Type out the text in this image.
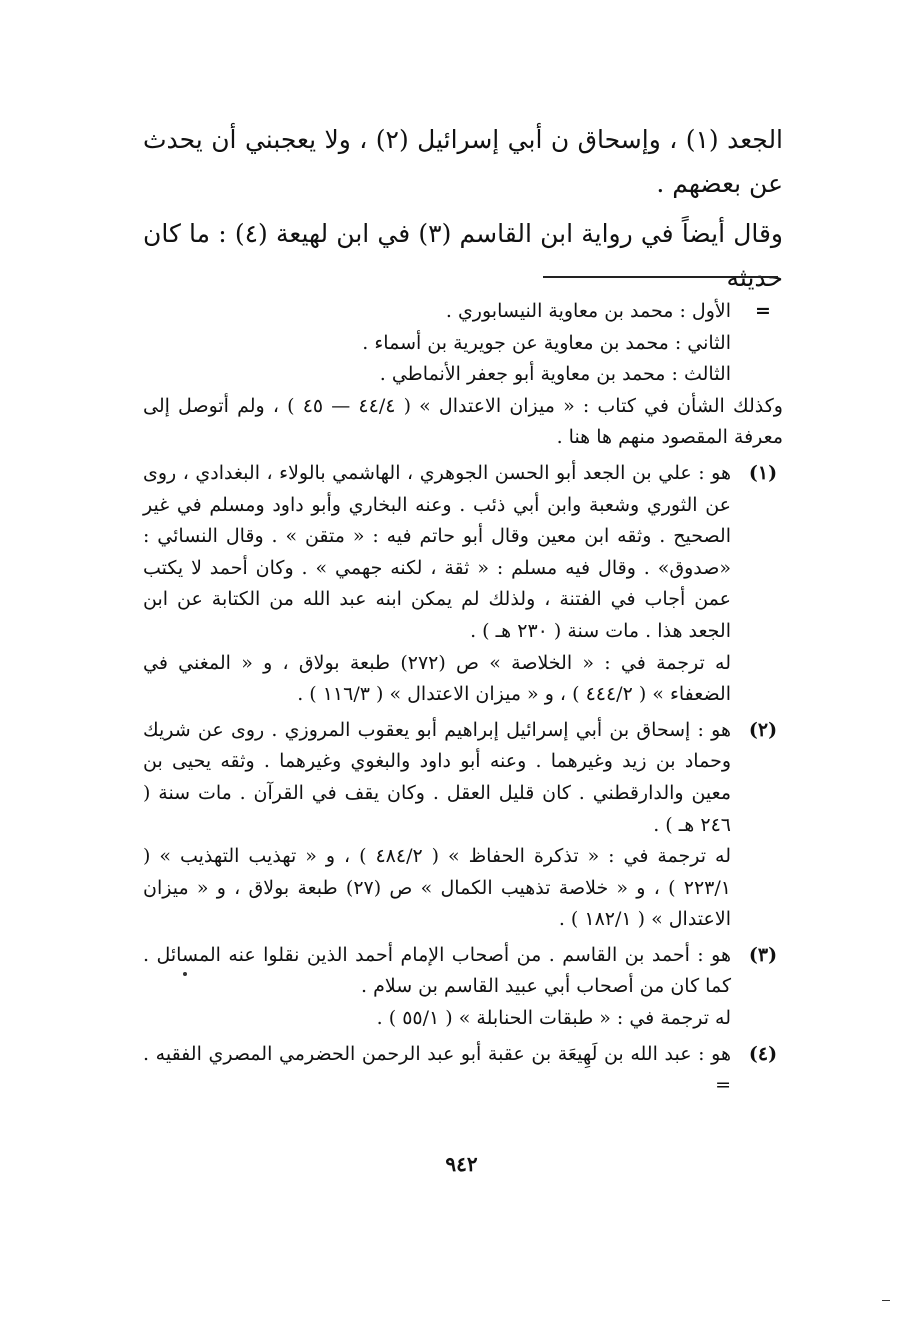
الجعد (١) ، وإسحاق ن أبي إسرائيل (٢) ، ولا يعجبني أن يحدث عن بعضهم .

وقال أيضاً في رواية ابن القاسم (٣) في ابن لهيعة (٤) : ما كان حديثه

=

الأول : محمد بن معاوية النيسابوري .

الثاني : محمد بن معاوية عن جويرية بن أسماء .

الثالث : محمد بن معاوية أبو جعفر الأنماطي .

وكذلك الشأن في كتاب : « ميزان الاعتدال » ( ٤٤/٤ — ٤٥ ) ، ولم أتوصل إلى معرفة المقصود منهم ها هنا .

(١)

هو : علي بن الجعد أبو الحسن الجوهري ، الهاشمي بالولاء ، البغدادي ، روى عن الثوري وشعبة وابن أبي ذئب . وعنه البخاري وأبو داود ومسلم في غير الصحيح . وثقه ابن معين وقال أبو حاتم فيه : « متقن » . وقال النسائي : «صدوق» . وقال فيه مسلم : « ثقة ، لكنه جهمي » . وكان أحمد لا يكتب عمن أجاب في الفتنة ، ولذلك لم يمكن ابنه عبد الله من الكتابة عن ابن الجعد هذا . مات سنة ( ٢٣٠ هـ ) .

له ترجمة في : « الخلاصة » ص (٢٧٢) طبعة بولاق ، و « المغني في الضعفاء » ( ٤٤٤/٢ ) ، و « ميزان الاعتدال » ( ١١٦/٣ ) .

(٢)

هو : إسحاق بن أبي إسرائيل إبراهيم أبو يعقوب المروزي . روى عن شريك وحماد بن زيد وغيرهما . وعنه أبو داود والبغوي وغيرهما . وثقه يحيى بن معين والدارقطني . كان قليل العقل . وكان يقف في القرآن . مات سنة ( ٢٤٦ هـ ) .

له ترجمة في : « تذكرة الحفاظ » ( ٤٨٤/٢ ) ، و « تهذيب التهذيب » ( ٢٢٣/١ ) ، و « خلاصة تذهيب الكمال » ص (٢٧) طبعة بولاق ، و « ميزان الاعتدال » ( ١٨٢/١ ) .

(٣)

هو : أحمد بن القاسم . من أصحاب الإمام أحمد الذين نقلوا عنه المسائل . كما كان من أصحاب أبي عبيد القاسم بن سلام .

له ترجمة في : « طبقات الحنابلة » ( ٥٥/١ ) .

(٤)

هو : عبد الله بن لَهِيعَة بن عقبة أبو عبد الرحمن الحضرمي المصري الفقيه . =

٩٤٢
